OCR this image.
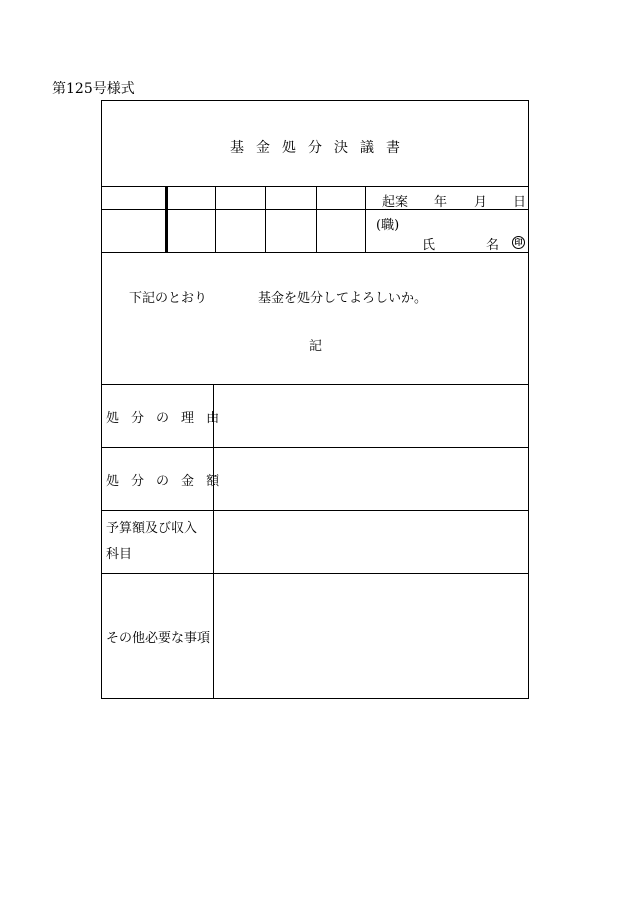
第125号様式
基 金 処 分 決 議 書
起案 年 月 日
(職)
氏	名	印
下記のとおり	基金を処分してよろしいか。
記
処 分 の 理 由
処 分 の 金 額
予算額及び収入科目
その他必要な事項
